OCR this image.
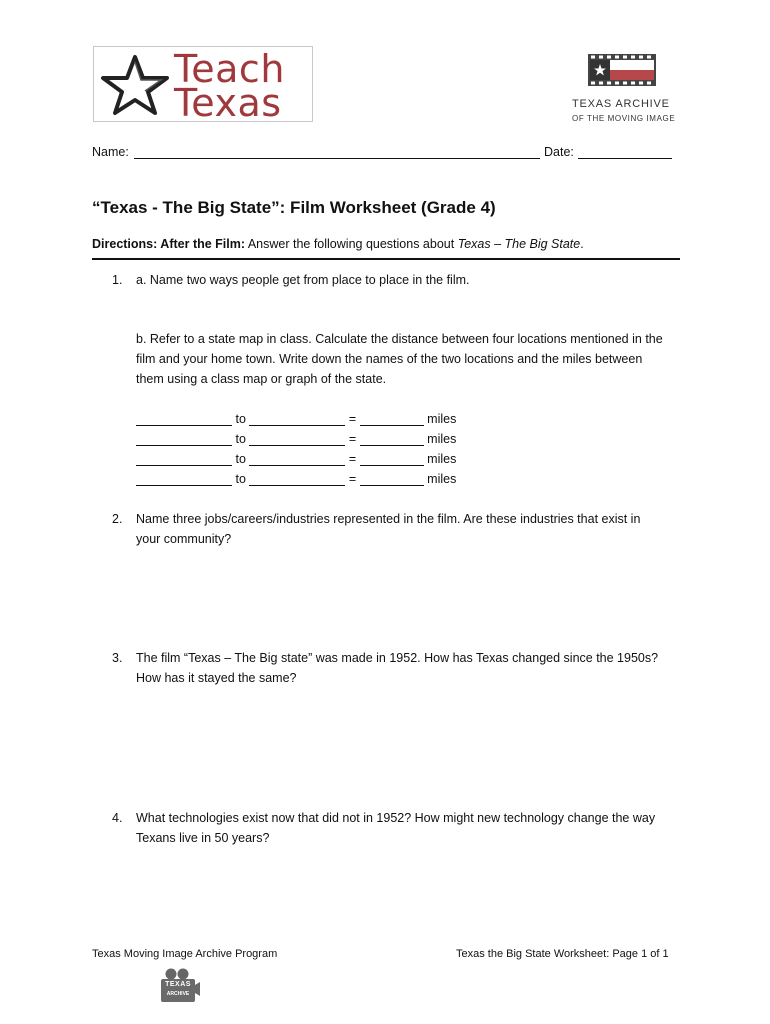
Teach
Texas	TEXAS ARCHIVE
OF THE MOVING IMAGE
Name:	Date:
“Texas - The Big State”: Film Worksheet (Grade 4)
Directions: After the Film: Answer the following questions about Texas – The Big State.
1. a. Name two ways people get from place to place in the film.
b. Refer to a state map in class. Calculate the distance between four locations mentioned in the
film and your home town. Write down the names of the two locations and the miles between
them using a class map or graph of the state.
to	=	miles
to	=	miles
to	=	miles
to	=	miles
2. Name three jobs/careers/industries represented in the film. Are these industries that exist in
your community?
3. The film “Texas – The Big state” was made in 1952. How has Texas changed since the 1950s?
How has it stayed the same?
4. What technologies exist now that did not in 1952? How might new technology change the way
Texans live in 50 years?
Texas Moving Image Archive Program	Texas the Big State Worksheet: Page 1 of 1
TEXAS
ARCHIVE
